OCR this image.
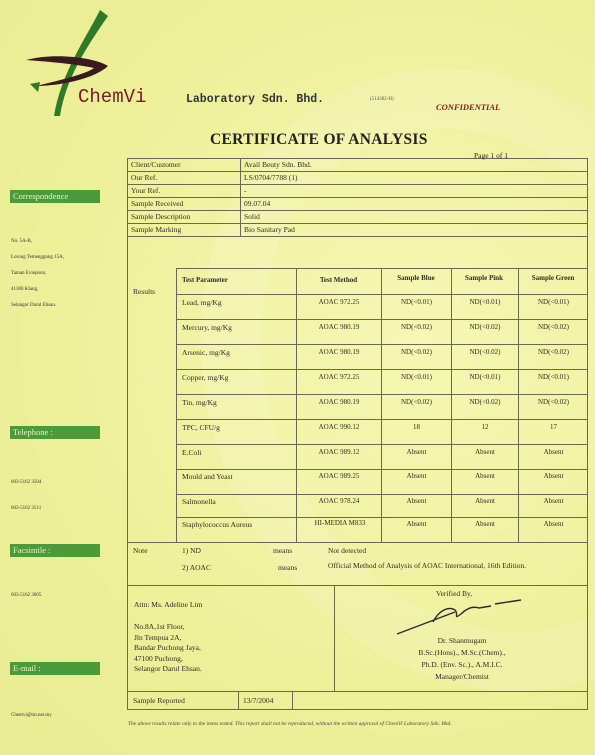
ChemVi	Laboratory Sdn. Bhd.	(514382-H)
CONFIDENTIAL
CERTIFICATE OF ANALYSIS
Page 1 of 1
Correspondence
No. 5A-B,
Lorong Temenggung 15A,
Taman Eviepoon,
41300 Klang,
Selangor Darul Ehsan.
Telephone :
603-5162 3504
603-5162 3511
Facsimile :
603-5162 3005
E-mail :
Chemvi@tm.net.my
Client/Customer	Avail Beuty Sdn. Bhd.
Our Ref.	LS/0704/7788 (1)
Your Ref.	-
Sample Received	09.07.04
Sample Description	Solid
Sample Marking	Bio Sanitary Pad
Results
Test Parameter	Test Method	Sample Blue	Sample Pink	Sample Green
Lead, mg/Kg	AOAC 972.25	ND(<0.01)	ND(<0.01)	ND(<0.01)
Mercury, mg/Kg	AOAC 980.19	ND(<0.02)	ND(<0.02)	ND(<0.02)
Arsenic, mg/Kg	AOAC 980.19	ND(<0.02)	ND(<0.02)	ND(<0.02)
Copper, mg/Kg	AOAC 972.25	ND(<0.01)	ND(<0.01)	ND(<0.01)
Tin, mg/Kg	AOAC 980.19	ND(<0.02)	ND(<0.02)	ND(<0.02)
TPC, CFU/g	AOAC 990.12	18	12	17
E.Coli	AOAC 989.12	Absent	Absent	Absent
Mould and Yeast	AOAC 989.25	Absent	Absent	Absent
Salmonella	AOAC 978.24	Absent	Absent	Absent
Staphylococcus Aureus	HI-MEDIA M833	Absent	Absent	Absent
Note	1) ND	means	Not detected
2) AOAC	means	Official Method of Analysis of AOAC International, 16th Edition.
Attn: Ms. Adeline Lim
No.8A,1st Floor,
Jln Tempua 2A,
Bandar Puchong Jaya,
47100 Puchong,
Selangor Darul Ehsan.
Verified By,
Dr. Shanmugam
B.Sc.(Hons)., M.Sc.(Chem).,
Ph.D. (Env. Sc.)., A.M.I.C.
Manager/Chemist
Sample Reported	13/7/2004
The above results relate only to the items tested. This report shall not be reproduced, without the written approval of ChemVi Laboratory Sdn. Bhd.
